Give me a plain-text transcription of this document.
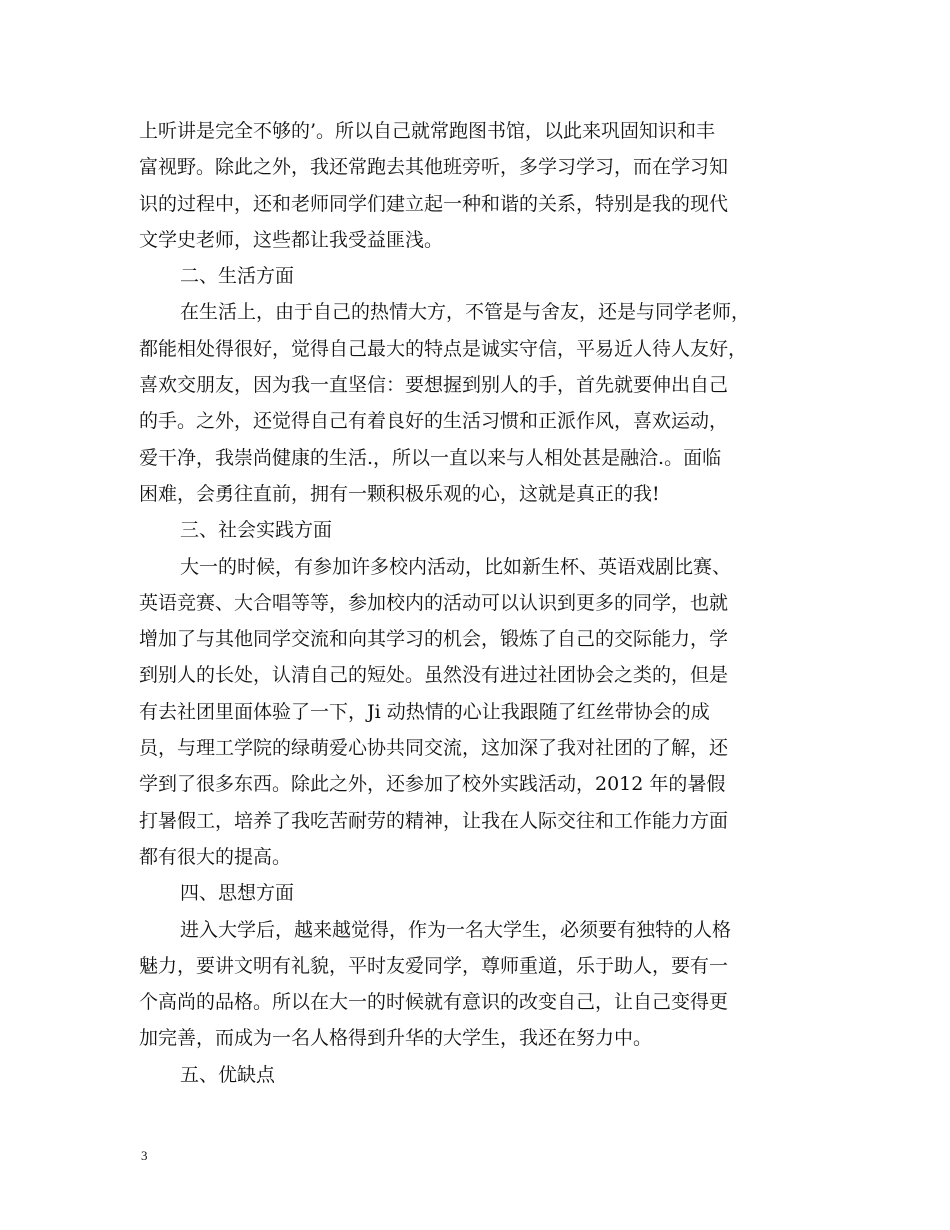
上听讲是完全不够的’。所以自己就常跑图书馆，以此来巩固知识和丰
富视野。除此之外，我还常跑去其他班旁听，多学习学习，而在学习知
识的过程中，还和老师同学们建立起一种和谐的关系，特别是我的现代
文学史老师，这些都让我受益匪浅。
二、生活方面
在生活上，由于自己的热情大方，不管是与舍友，还是与同学老师，
都能相处得很好，觉得自己最大的特点是诚实守信，平易近人待人友好，
喜欢交朋友，因为我一直坚信：要想握到别人的手，首先就要伸出自己
的手。之外，还觉得自己有着良好的生活习惯和正派作风，喜欢运动，
爱干净，我崇尚健康的生活.，所以一直以来与人相处甚是融洽.。面临
困难，会勇往直前，拥有一颗积极乐观的心，这就是真正的我!
三、社会实践方面
大一的时候，有参加许多校内活动，比如新生杯、英语戏剧比赛、
英语竞赛、大合唱等等，参加校内的活动可以认识到更多的同学，也就
增加了与其他同学交流和向其学习的机会，锻炼了自己的交际能力，学
到别人的长处，认清自己的短处。虽然没有进过社团协会之类的，但是
有去社团里面体验了一下，Ji 动热情的心让我跟随了红丝带协会的成
员，与理工学院的绿萌爱心协共同交流，这加深了我对社团的了解，还
学到了很多东西。除此之外，还参加了校外实践活动，2012 年的暑假
打暑假工，培养了我吃苦耐劳的精神，让我在人际交往和工作能力方面
都有很大的提高。
四、思想方面
进入大学后，越来越觉得，作为一名大学生，必须要有独特的人格
魅力，要讲文明有礼貌，平时友爱同学，尊师重道，乐于助人，要有一
个高尚的品格。所以在大一的时候就有意识的改变自己，让自己变得更
加完善，而成为一名人格得到升华的大学生，我还在努力中。
五、优缺点
3
